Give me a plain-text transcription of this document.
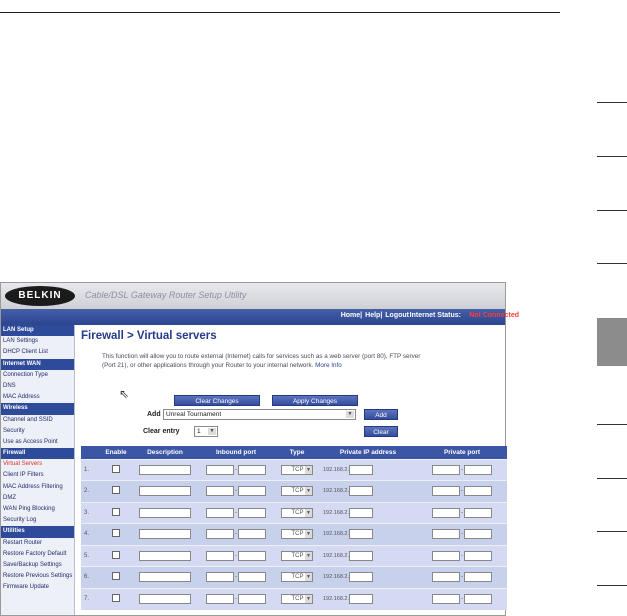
BELKIN	Cable/DSL Gateway Router Setup Utility
Home| Help| Logout Internet Status: Not Connected
LAN Setup
LAN Settings
DHCP Client List
Internet WAN
Connection Type
DNS
MAC Address
Wireless
Channel and SSID
Security
Use as Access Point
Firewall
Virtual Servers
Client IP Filters
MAC Address Filtering
DMZ
WAN Ping Blocking
Security Log
Utilities
Restart Router
Restore Factory Default
Save/Backup Settings
Restore Previous Settings
Firmware Update
Firewall > Virtual servers
This function will allow you to route external (Internet) calls for services such as a web server (port 80), FTP server (Port 21), or other applications through your Router to your internal network. More Info
⇖
Clear Changes	Apply Changes
Add Unreal Tournament	▼	Add
Clear entry	1	▼	Clear
	Enable	Description	Inbound port	Type	Private IP address	Private port
1.			-	TCP ▼	192.168.2.	-
2.			-	TCP ▼	192.168.2.	-
3.			-	TCP ▼	192.168.2.	-
4.			-	TCP ▼	192.168.2.	-
5.			-	TCP ▼	192.168.2.	-
6.			-	TCP ▼	192.168.2.	-
7.			-	TCP ▼	192.168.2.	-
